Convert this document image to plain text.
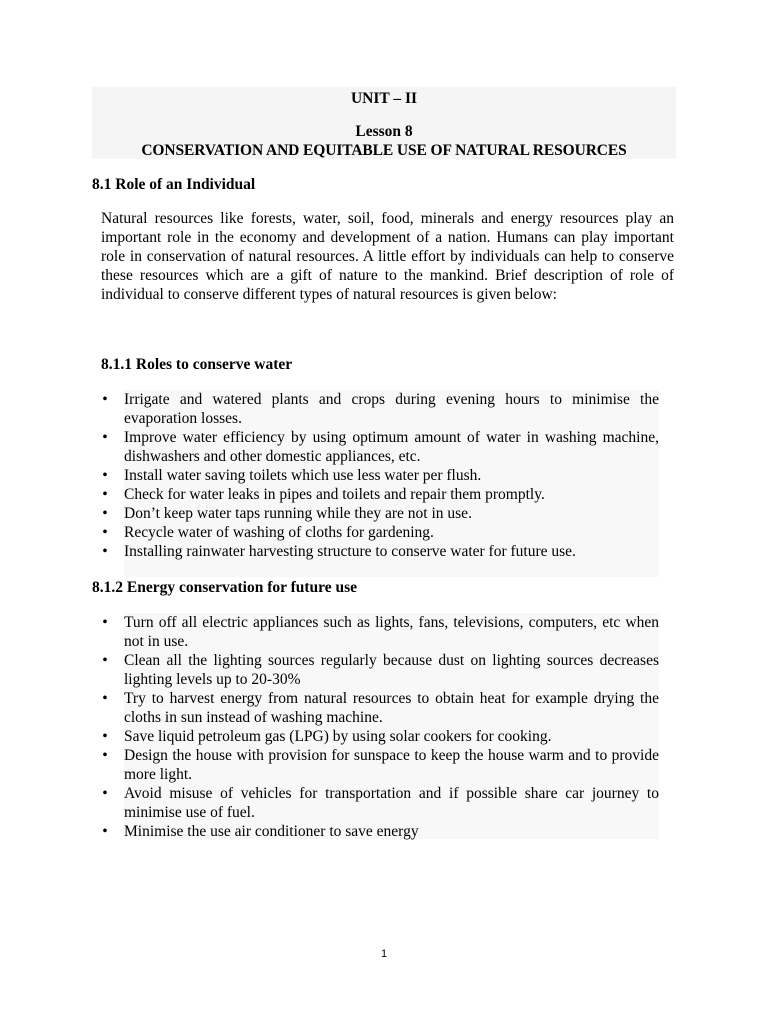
UNIT – II
Lesson 8
CONSERVATION AND EQUITABLE USE OF NATURAL RESOURCES
8.1 Role of an Individual

Natural resources like forests, water, soil, food, minerals and energy resources play an important role in the economy and development of a nation. Humans can play important role in conservation of natural resources. A little effort by individuals can help to conserve these resources which are a gift of nature to the mankind. Brief description of role of individual to conserve different types of natural resources is given below:

8.1.1 Roles to conserve water
• Irrigate and watered plants and crops during evening hours to minimise the evaporation losses.
• Improve water efficiency by using optimum amount of water in washing machine, dishwashers and other domestic appliances, etc.
• Install water saving toilets which use less water per flush.
• Check for water leaks in pipes and toilets and repair them promptly.
• Don’t keep water taps running while they are not in use.
• Recycle water of washing of cloths for gardening.
• Installing rainwater harvesting structure to conserve water for future use.
8.1.2 Energy conservation for future use
• Turn off all electric appliances such as lights, fans, televisions, computers, etc when not in use.
• Clean all the lighting sources regularly because dust on lighting sources decreases lighting levels up to 20-30%
• Try to harvest energy from natural resources to obtain heat for example drying the cloths in sun instead of washing machine.
• Save liquid petroleum gas (LPG) by using solar cookers for cooking.
• Design the house with provision for sunspace to keep the house warm and to provide more light.
• Avoid misuse of vehicles for transportation and if possible share car journey to minimise use of fuel.
• Minimise the use air conditioner to save energy
1
